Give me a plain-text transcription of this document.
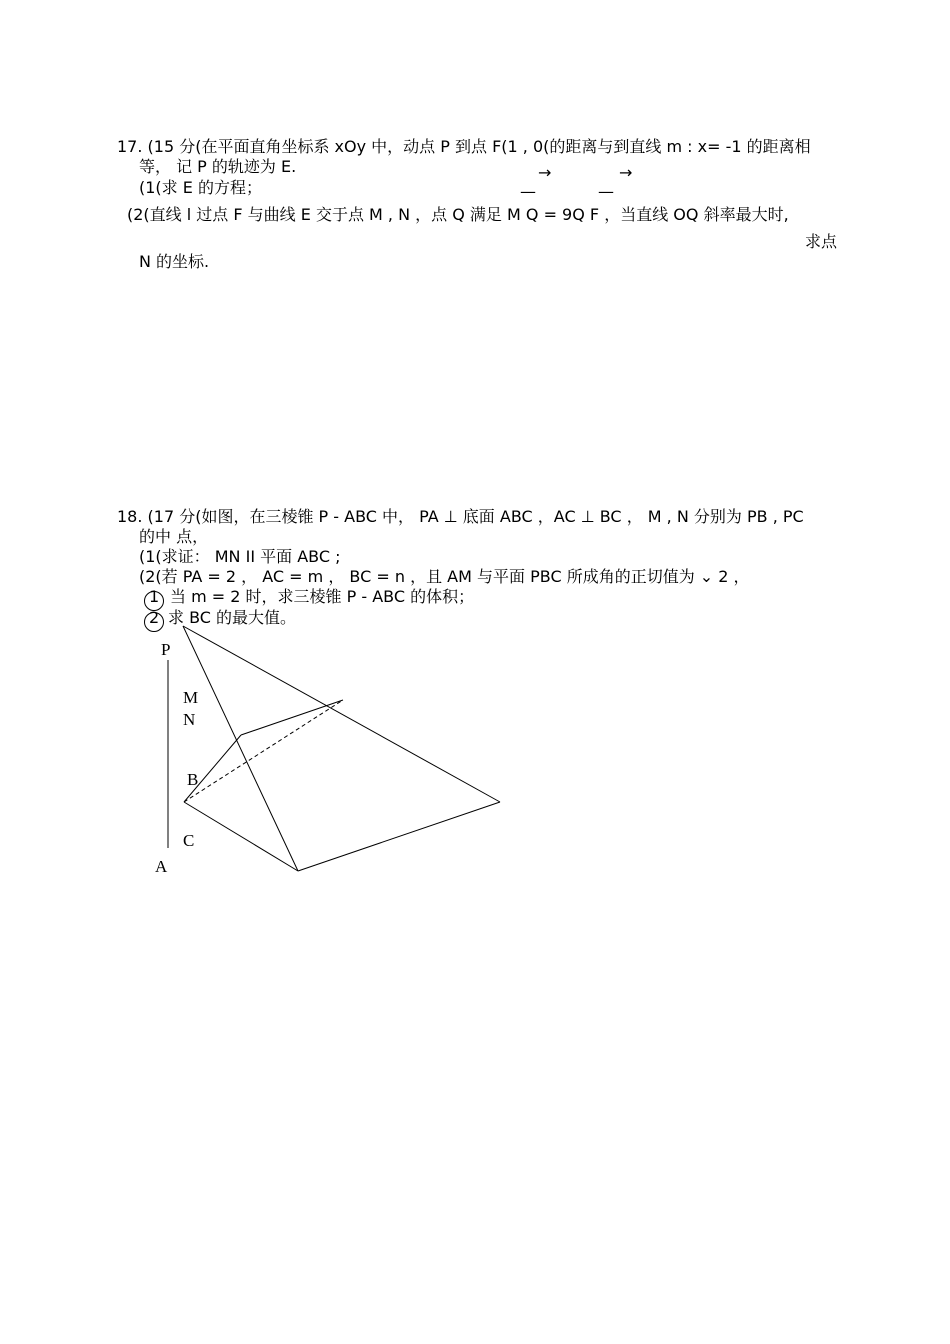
17. (15 分(在平面直角坐标系 xOy 中，动点 P 到点 F(1 , 0(的距离与到直线 m : x= -1 的距离相
等， 记 P 的轨迹为 E.
(1(求 E 的方程；
→	→
—	—
(2(直线 l 过点 F 与曲线 E 交于点 M , N ，点 Q 满足 M Q = 9Q F ，当直线 OQ 斜率最大时,
求点
N 的坐标.
18. (17 分(如图，在三棱锥 P - ABC 中， PA ⊥ 底面 ABC ，AC ⊥ BC ， M , N 分别为 PB , PC
的中 点，
(1(求证： MN II 平面 ABC ;
(2(若 PA = 2 ， AC = m ， BC = n ，且 AM 与平面 PBC 所成角的正切值为 ⌄ 2 ，
1 当 m = 2 时，求三棱锥 P - ABC 的体积；
2 求 BC 的最大值。
P
M
N
B
C
A
